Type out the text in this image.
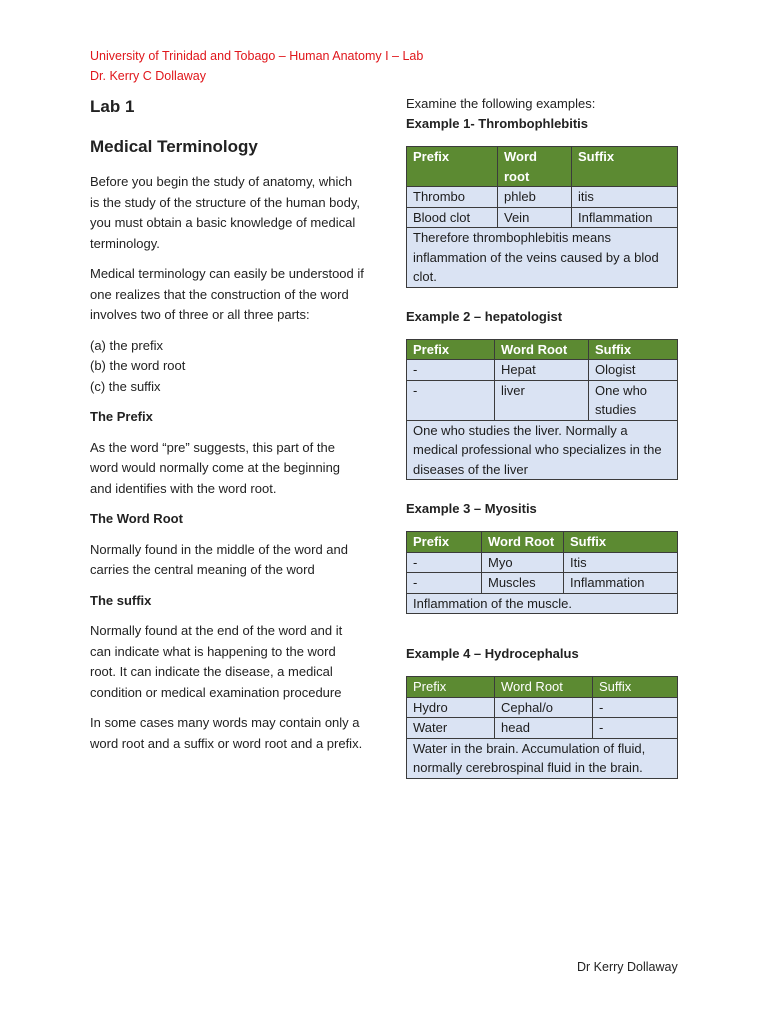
University of Trinidad and Tobago – Human Anatomy I – Lab
Dr. Kerry C Dollaway
Lab 1
Medical Terminology

Before you begin the study of anatomy, which is the study of the structure of the human body, you must obtain a basic knowledge of medical terminology.

Medical terminology can easily be understood if one realizes that the construction of the word involves two of three or all three parts:

(a) the prefix
(b) the word root
(c) the suffix

The Prefix

As the word “pre” suggests, this part of the word would normally come at the beginning and identifies with the word root.

The Word Root

Normally found in the middle of the word and carries the central meaning of the word

The suffix

Normally found at the end of the word and it can indicate what is happening to the word root. It can indicate the disease, a medical condition or medical examination procedure

In some cases many words may contain only a word root and a suffix or word root and a prefix.

Examine the following examples:

Example 1- Thrombophlebitis

Prefix	Word root	Suffix
Thrombo	phleb	itis
Blood clot	Vein	Inflammation
Therefore thrombophlebitis means inflammation of the veins caused by a blod clot.		

Example 2 – hepatologist

Prefix	Word Root	Suffix
-	Hepat	Ologist
-	liver	One who studies
One who studies the liver. Normally a medical professional who specializes in the diseases of the liver		

Example 3 – Myositis

Prefix	Word Root	Suffix
-	Myo	Itis
-	Muscles	Inflammation
Inflammation of the muscle.		

Example 4 – Hydrocephalus

Prefix	Word Root	Suffix
Hydro	Cephal/o	-
Water	head	-
Water in the brain. Accumulation of fluid, normally cerebrospinal fluid in the brain.		
Dr Kerry Dollaway
